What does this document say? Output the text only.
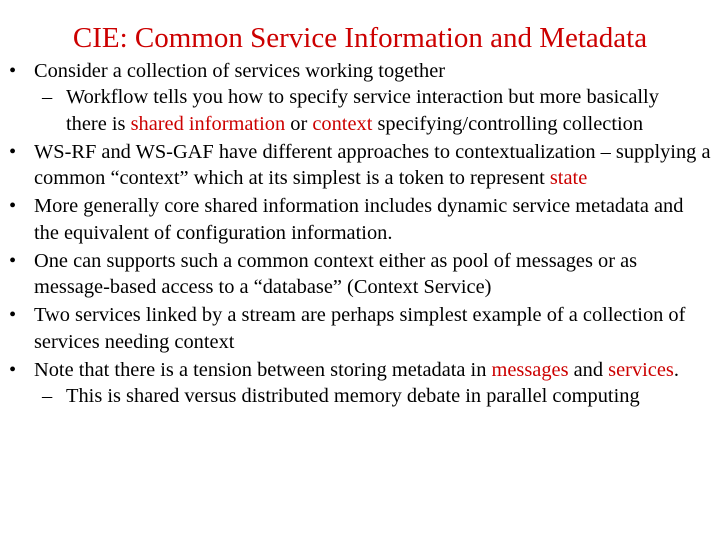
CIE: Common Service Information and Metadata
• Consider a collection of services working together
– Workflow tells you how to specify service interaction but more basically there is shared information or context specifying/controlling collection
• WS-RF and WS-GAF have different approaches to contextualization – supplying a common “context” which at its simplest is a token to represent state
• More generally core shared information includes dynamic service metadata and the equivalent of configuration information.
• One can supports such a common context either as pool of messages or as message-based access to a “database” (Context Service)
• Two services linked by a stream are perhaps simplest example of a collection of services needing context
• Note that there is a tension between storing metadata in messages and services.
– This is shared versus distributed memory debate in parallel computing
